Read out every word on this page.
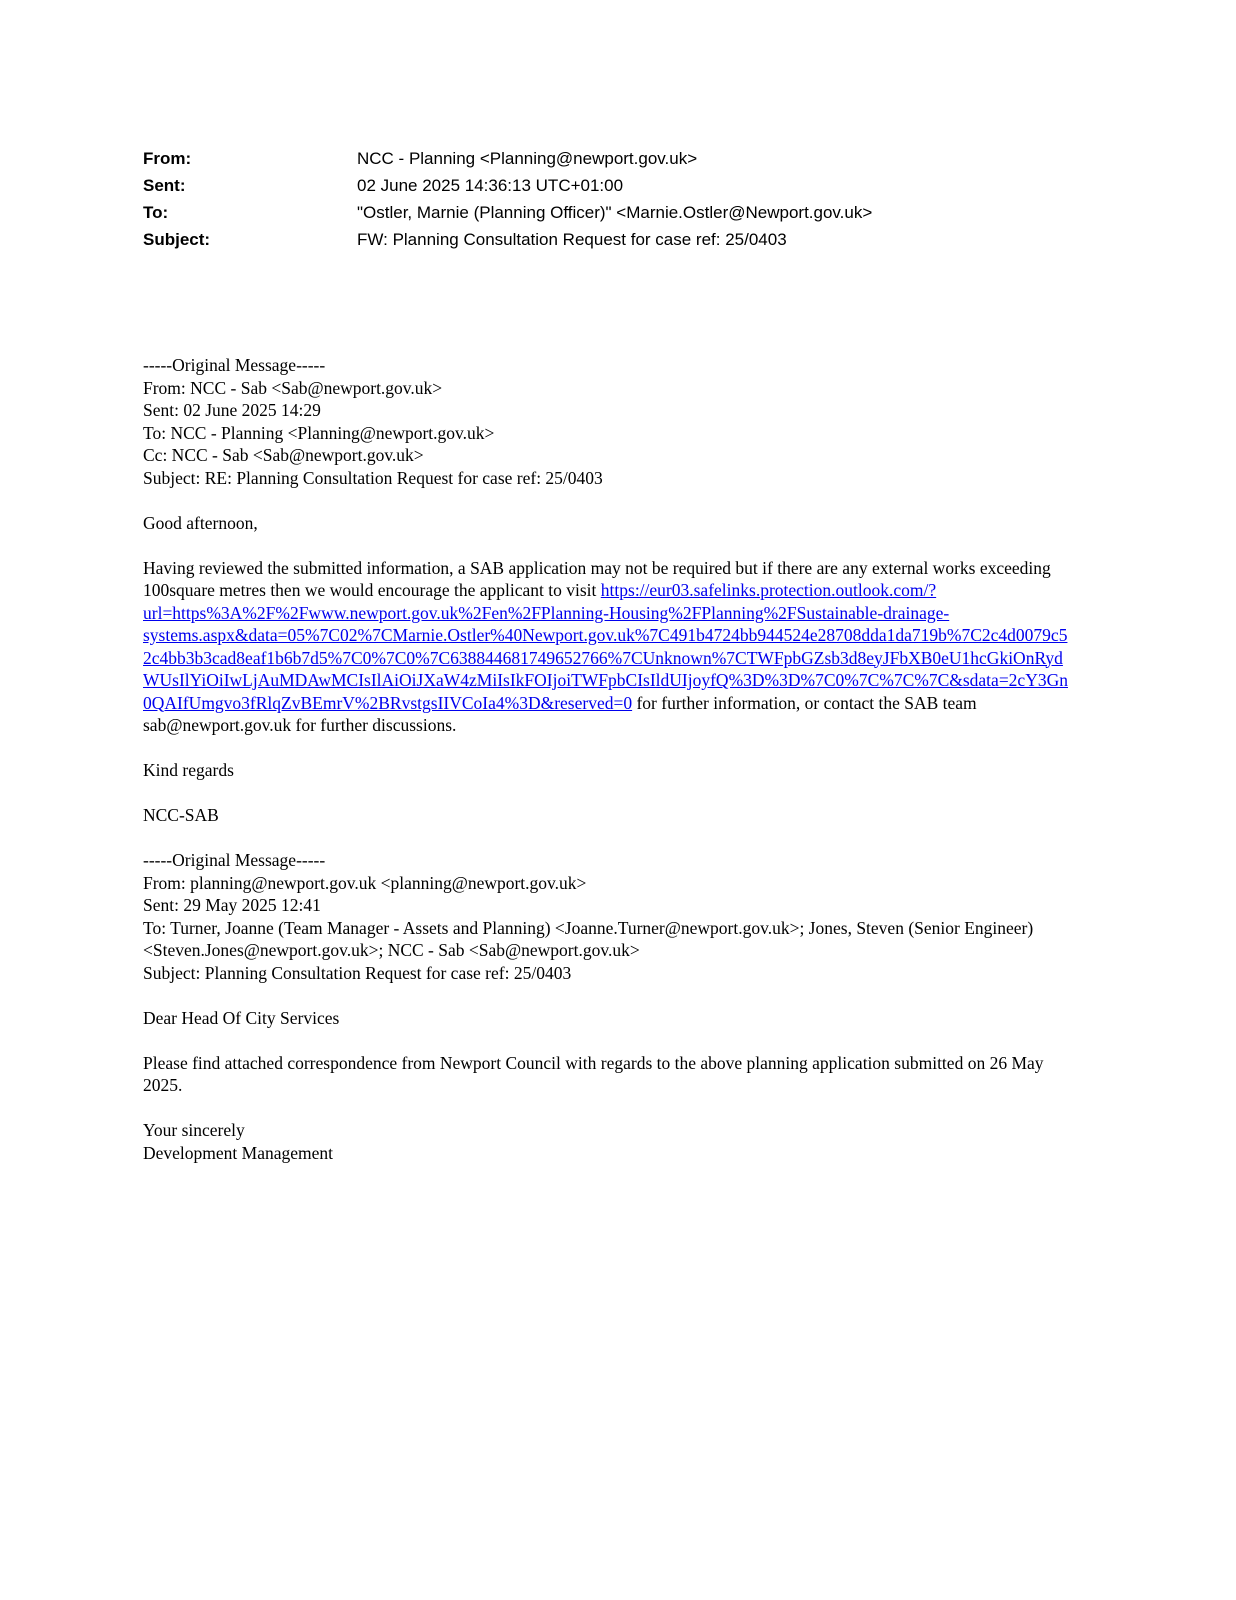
From:	NCC - Planning <Planning@newport.gov.uk>
Sent:	02 June 2025 14:36:13 UTC+01:00
To:	"Ostler, Marnie (Planning Officer)" <Marnie.Ostler@Newport.gov.uk>
Subject:	FW: Planning Consultation Request for case ref: 25/0403
-----Original Message-----
From: NCC - Sab <Sab@newport.gov.uk>
Sent: 02 June 2025 14:29
To: NCC - Planning <Planning@newport.gov.uk>
Cc: NCC - Sab <Sab@newport.gov.uk>
Subject: RE: Planning Consultation Request for case ref: 25/0403
Good afternoon,
Having reviewed the submitted information, a SAB application may not be required but if there are any external works exceeding 100square metres then we would encourage the applicant to visit https://eur03.safelinks.protection.outlook.com/?url=https%3A%2F%2Fwww.newport.gov.uk%2Fen%2FPlanning-Housing%2FPlanning%2FSustainable-drainage-systems.aspx&data=05%7C02%7CMarnie.Ostler%40Newport.gov.uk%7C491b4724bb944524e28708dda1da719b%7C2c4d0079c52c4bb3b3cad8eaf1b6b7d5%7C0%7C0%7C638844681749652766%7CUnknown%7CTWFpbGZsb3d8eyJFbXB0eU1hcGkiOnRydWUsIlYiOiIwLjAuMDAwMCIsIlAiOiJXaW4zMiIsIkFOIjoiTWFpbCIsIldUIjoyfQ%3D%3D%7C0%7C%7C%7C&sdata=2cY3Gn0QAIfUmgvo3fRlqZvBEmrV%2BRvstgsIIVCoIa4%3D&reserved=0 for further information, or contact the SAB team sab@newport.gov.uk for further discussions.
Kind regards
NCC-SAB
-----Original Message-----
From: planning@newport.gov.uk <planning@newport.gov.uk>
Sent: 29 May 2025 12:41
To: Turner, Joanne (Team Manager - Assets and Planning) <Joanne.Turner@newport.gov.uk>; Jones, Steven (Senior Engineer) <Steven.Jones@newport.gov.uk>; NCC - Sab <Sab@newport.gov.uk>
Subject: Planning Consultation Request for case ref: 25/0403
Dear Head Of City Services
Please find attached correspondence from Newport Council with regards to the above planning application submitted on 26 May 2025.
Your sincerely
Development Management
